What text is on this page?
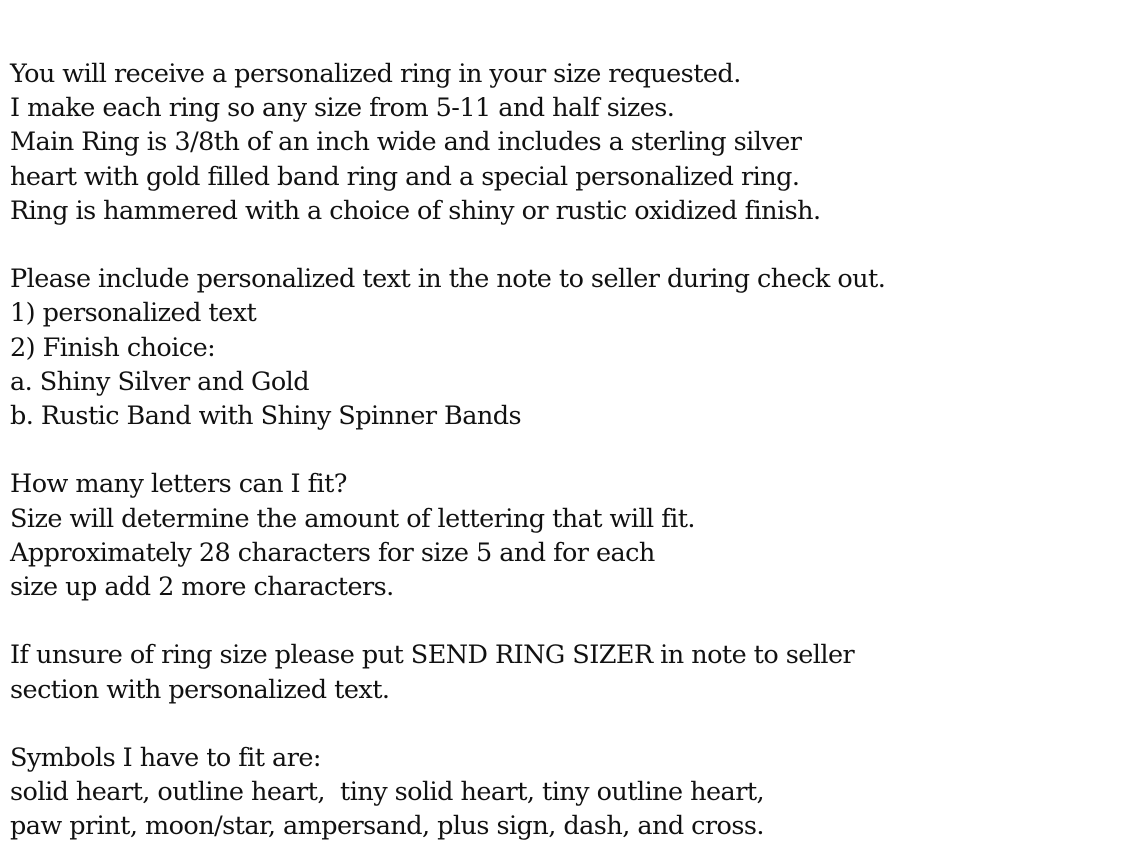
You will receive a personalized ring in your size requested.
I make each ring so any size from 5-11 and half sizes.
Main Ring is 3/8th of an inch wide and includes a sterling silver
heart with gold filled band ring and a special personalized ring.
Ring is hammered with a choice of shiny or rustic oxidized finish.

Please include personalized text in the note to seller during check out.
1) personalized text
2) Finish choice:
a. Shiny Silver and Gold
b. Rustic Band with Shiny Spinner Bands

How many letters can I fit?
Size will determine the amount of lettering that will fit.
Approximately 28 characters for size 5 and for each
size up add 2 more characters.

If unsure of ring size please put SEND RING SIZER in note to seller
section with personalized text.

Symbols I have to fit are:
solid heart, outline heart,  tiny solid heart, tiny outline heart,
paw print, moon/star, ampersand, plus sign, dash, and cross.
